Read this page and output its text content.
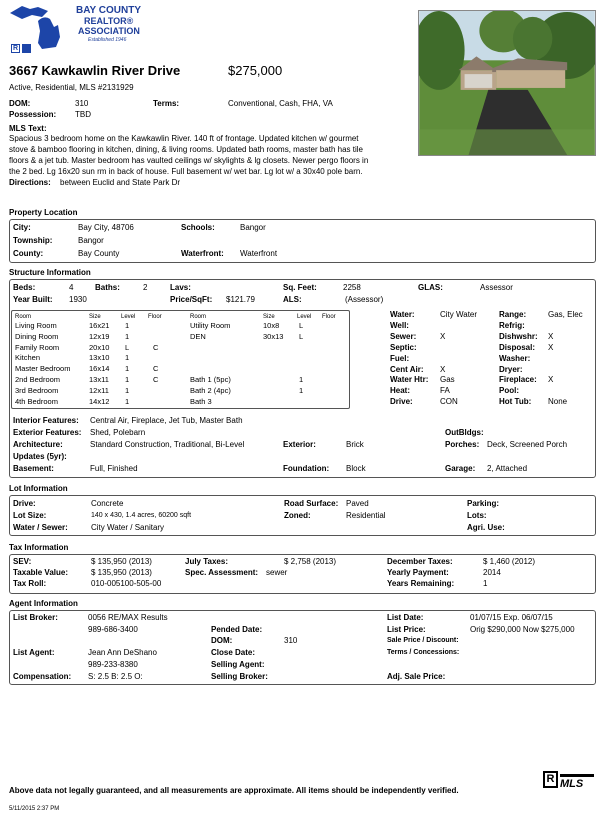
R
BAY COUNTY
REALTOR®
ASSOCIATION
Established 1946
3667 Kawkawlin River Drive	$275,000
Active, Residential, MLS #2131929
DOM:	310	Terms:	Conventional, Cash, FHA, VA
Possession: TBD
MLS Text:
Spacious 3 bedroom home on the Kawkawlin River. 140 ft of frontage. Updated kitchen w/ gourmet
stove & bamboo flooring in kitchen, dining, & living rooms. Updated bath rooms, master bath has tile
floors & a jet tub. Master bedroom has vaulted ceilings w/ skylights & lg closets. Newer pergo floors in
the 2 bed. Lg 16x20 sun rm in back of house. Full basement w/ wet bar. Lg lot w/ a 30x40 pole barn.
Directions: between Euclid and State Park Dr
Property Location
City:	Bay City, 48706	Schools:	Bangor
Township:	Bangor
County:	Bay County	Waterfront: Waterfront
Structure Information
Beds:	4	Baths:	2	Lavs:	Sq. Feet:	2258	GLAS:	Assessor
Year Built: 1930	Price/SqFt: $121.79	ALS:	(Assessor)
Room	Size	Level Floor	Room	Size	Level Floor
Living Room	16x21 1
Dining Room	12x19 1
Family Room	20x10 L	C
Kitchen	13x10 1
Master Bedroom 16x14 1	C
2nd Bedroom	13x11 1	C
3rd Bedroom	12x11 1
4th Bedroom	14x12 1
Utility Room	10x8	L
DEN	30x13 L
Bath 1 (5pc)	1
Bath 2 (4pc)	1
Bath 3
Water:	City Water
Well:
Sewer:	X
Septic:
Fuel:
Cent Air: X
Water Htr: Gas
Heat:	FA
Drive:	CON
Range:	Gas, Elec
Refrig:
Dishwshr: X
Disposal: X
Washer:
Dryer:
Fireplace: X
Pool:
Hot Tub: None
Interior Features: Central Air, Fireplace, Jet Tub, Master Bath
Exterior Features: Shed, Polebarn	OutBldgs:
Architecture:	Standard Construction, Traditional, Bi-Level	Exterior:	Brick	Porches: Deck, Screened Porch
Updates (5yr):
Basement:	Full, Finished	Foundation: Block	Garage: 2, Attached
Lot Information
Drive:	Concrete	Road Surface: Paved	Parking:
Lot Size:	140 x 430, 1.4 acres, 60200 sqft	Zoned:	Residential	Lots:
Water / Sewer:	City Water / Sanitary	Agri. Use:
Tax Information
SEV:	$ 135,950 (2013)	July Taxes:	$ 2,758 (2013)	December Taxes:	$ 1,460 (2012)
Taxable Value:	$ 135,950 (2013)	Spec. Assessment: sewer	Yearly Payment:	2014
Tax Roll:	010-005100-505-00	Years Remaining:	1
Agent Information
List Broker:	0056 RE/MAX Results	List Date:	01/07/15 Exp. 06/07/15
989-686-3400	Pended Date:	List Price:	Orig $290,000 Now $275,000
DOM:	310	Sale Price / Discount:
List Agent:	Jean Ann DeShano	Close Date:	Terms / Concessions:
989-233-8380	Selling Agent:
Compensation: S: 2.5 B: 2.5 O:	Selling Broker:	Adj. Sale Price:
Above data not legally guaranteed, and all measurements are approximate. All items should be independently verified.
5/11/2015 2:37 PM
R MLS
